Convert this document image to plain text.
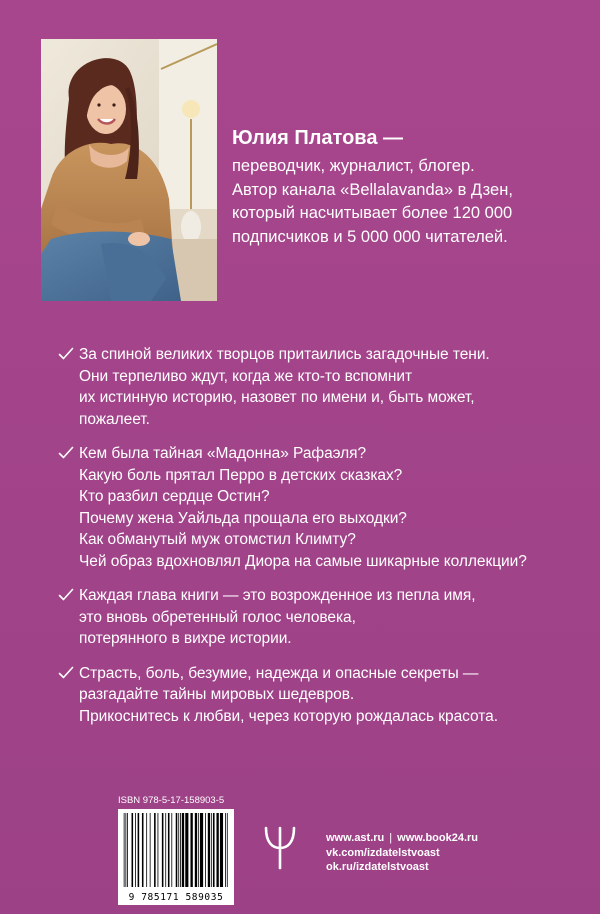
Юлия Платова —

переводчик, журналист, блогер.

Автор канала «Bellalavanda» в Дзен,

который насчитывает более 120 000

подписчиков и 5 000 000 читателей.

За спиной великих творцов притаились загадочные тени.
Они терпеливо ждут, когда же кто-то вспомнит
их истинную историю, назовет по имени и, быть может,
пожалеет.
Кем была тайная «Мадонна» Рафаэля?
Какую боль прятал Перро в детских сказках?
Кто разбил сердце Остин?
Почему жена Уайльда прощала его выходки?
Как обманутый муж отомстил Климту?
Чей образ вдохновлял Диора на самые шикарные коллекции?
Каждая глава книги — это возрожденное из пепла имя,
это вновь обретенный голос человека,
потерянного в вихре истории.
Страсть, боль, безумие, надежда и опасные секреты —
разгадайте тайны мировых шедевров.
Прикоснитесь к любви, через которую рождалась красота.
ISBN 978-5-17-158903-5
9 785171 589035
www.ast.ru | www.book24.ru
vk.com/izdatelstvoast
ok.ru/izdatelstvoast
